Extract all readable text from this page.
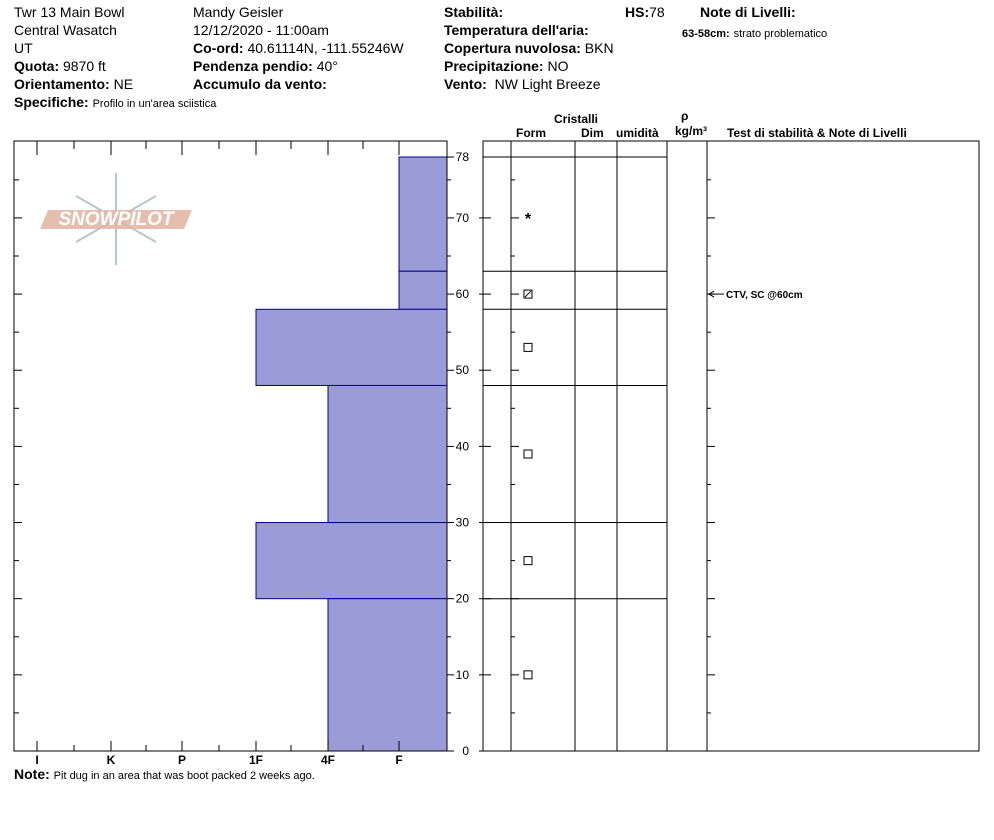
Twr 13 Main Bowl
Central Wasatch
UT
Quota: 9870 ft
Orientamento: NE
Specifiche: Profilo in un'area sciistica
Mandy Geisler
12/12/2020 - 11:00am
Co-ord: 40.61114N, -111.55246W
Pendenza pendio: 40°
Accumulo da vento:
Stabilità:
Temperatura dell'aria:
Copertura nuvolosa: BKN
Precipitazione: NO
Vento: NW Light Breeze
HS:78	Note di Livelli:
63-58cm: strato problematico
Cristalli
Form	Dim umidità
ρ
kg/m³ Test di stabilità & Note di Livelli
SNOWPILOT
0
10
20
30
40
50
60
70
78
I	K	P	1F	4F	F
*
CTV, SC @60cm
Note: Pit dug in an area that was boot packed 2 weeks ago.
